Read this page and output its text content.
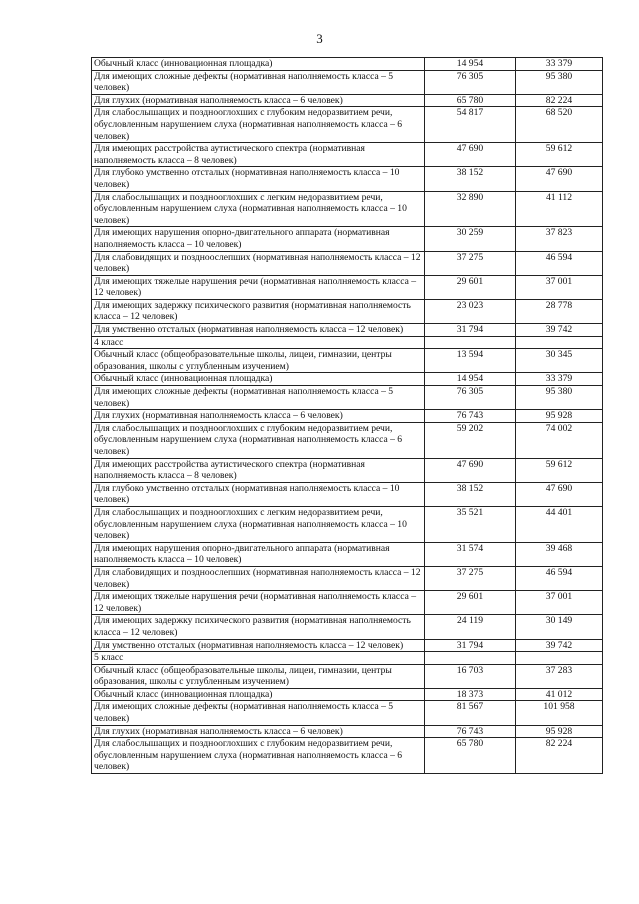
3
Обычный класс (инновационная площадка)	14 954	33 379
Для имеющих сложные дефекты (нормативная наполняемость класса – 5 человек)	76 305	95 380
Для глухих (нормативная наполняемость класса – 6 человек)	65 780	82 224
Для слабослышащих и позднооглохших с глубоким недоразвитием речи, обусловленным нарушением слуха (нормативная наполняемость класса – 6 человек)	54 817	68 520
Для имеющих расстройства аутистического спектра (нормативная наполняемость класса – 8 человек)	47 690	59 612
Для глубоко умственно отсталых (нормативная наполняемость класса – 10 человек)	38 152	47 690
Для слабослышащих и позднооглохших с легким недоразвитием речи, обусловленным нарушением слуха (нормативная наполняемость класса – 10 человек)	32 890	41 112
Для имеющих нарушения опорно-двигательного аппарата (нормативная наполняемость класса – 10 человек)	30 259	37 823
Для слабовидящих и поздноослепших (нормативная наполняемость класса – 12 человек)	37 275	46 594
Для имеющих тяжелые нарушения речи (нормативная наполняемость класса – 12 человек)	29 601	37 001
Для имеющих задержку психического развития (нормативная наполняемость класса – 12 человек)	23 023	28 778
Для умственно отсталых (нормативная наполняемость класса – 12 человек)	31 794	39 742
4 класс		
Обычный класс (общеобразовательные школы, лицеи, гимназии, центры образования, школы с углубленным изучением)	13 594	30 345
Обычный класс (инновационная площадка)	14 954	33 379
Для имеющих сложные дефекты (нормативная наполняемость класса – 5 человек)	76 305	95 380
Для глухих (нормативная наполняемость класса – 6 человек)	76 743	95 928
Для слабослышащих и позднооглохших с глубоким недоразвитием речи, обусловленным нарушением слуха (нормативная наполняемость класса – 6 человек)	59 202	74 002
Для имеющих расстройства аутистического спектра (нормативная наполняемость класса – 8 человек)	47 690	59 612
Для глубоко умственно отсталых (нормативная наполняемость класса – 10 человек)	38 152	47 690
Для слабослышащих и позднооглохших с легким недоразвитием речи, обусловленным нарушением слуха (нормативная наполняемость класса – 10 человек)	35 521	44 401
Для имеющих нарушения опорно-двигательного аппарата (нормативная наполняемость класса – 10 человек)	31 574	39 468
Для слабовидящих и поздноослепших (нормативная наполняемость класса – 12 человек)	37 275	46 594
Для имеющих тяжелые нарушения речи (нормативная наполняемость класса – 12 человек)	29 601	37 001
Для имеющих задержку психического развития (нормативная наполняемость класса – 12 человек)	24 119	30 149
Для умственно отсталых (нормативная наполняемость класса – 12 человек)	31 794	39 742
5 класс		
Обычный класс (общеобразовательные школы, лицеи, гимназии, центры образования, школы с углубленным изучением)	16 703	37 283
Обычный класс (инновационная площадка)	18 373	41 012
Для имеющих сложные дефекты (нормативная наполняемость класса – 5 человек)	81 567	101 958
Для глухих (нормативная наполняемость класса – 6 человек)	76 743	95 928
Для слабослышащих и позднооглохших с глубоким недоразвитием речи, обусловленным нарушением слуха (нормативная наполняемость класса – 6 человек)	65 780	82 224
